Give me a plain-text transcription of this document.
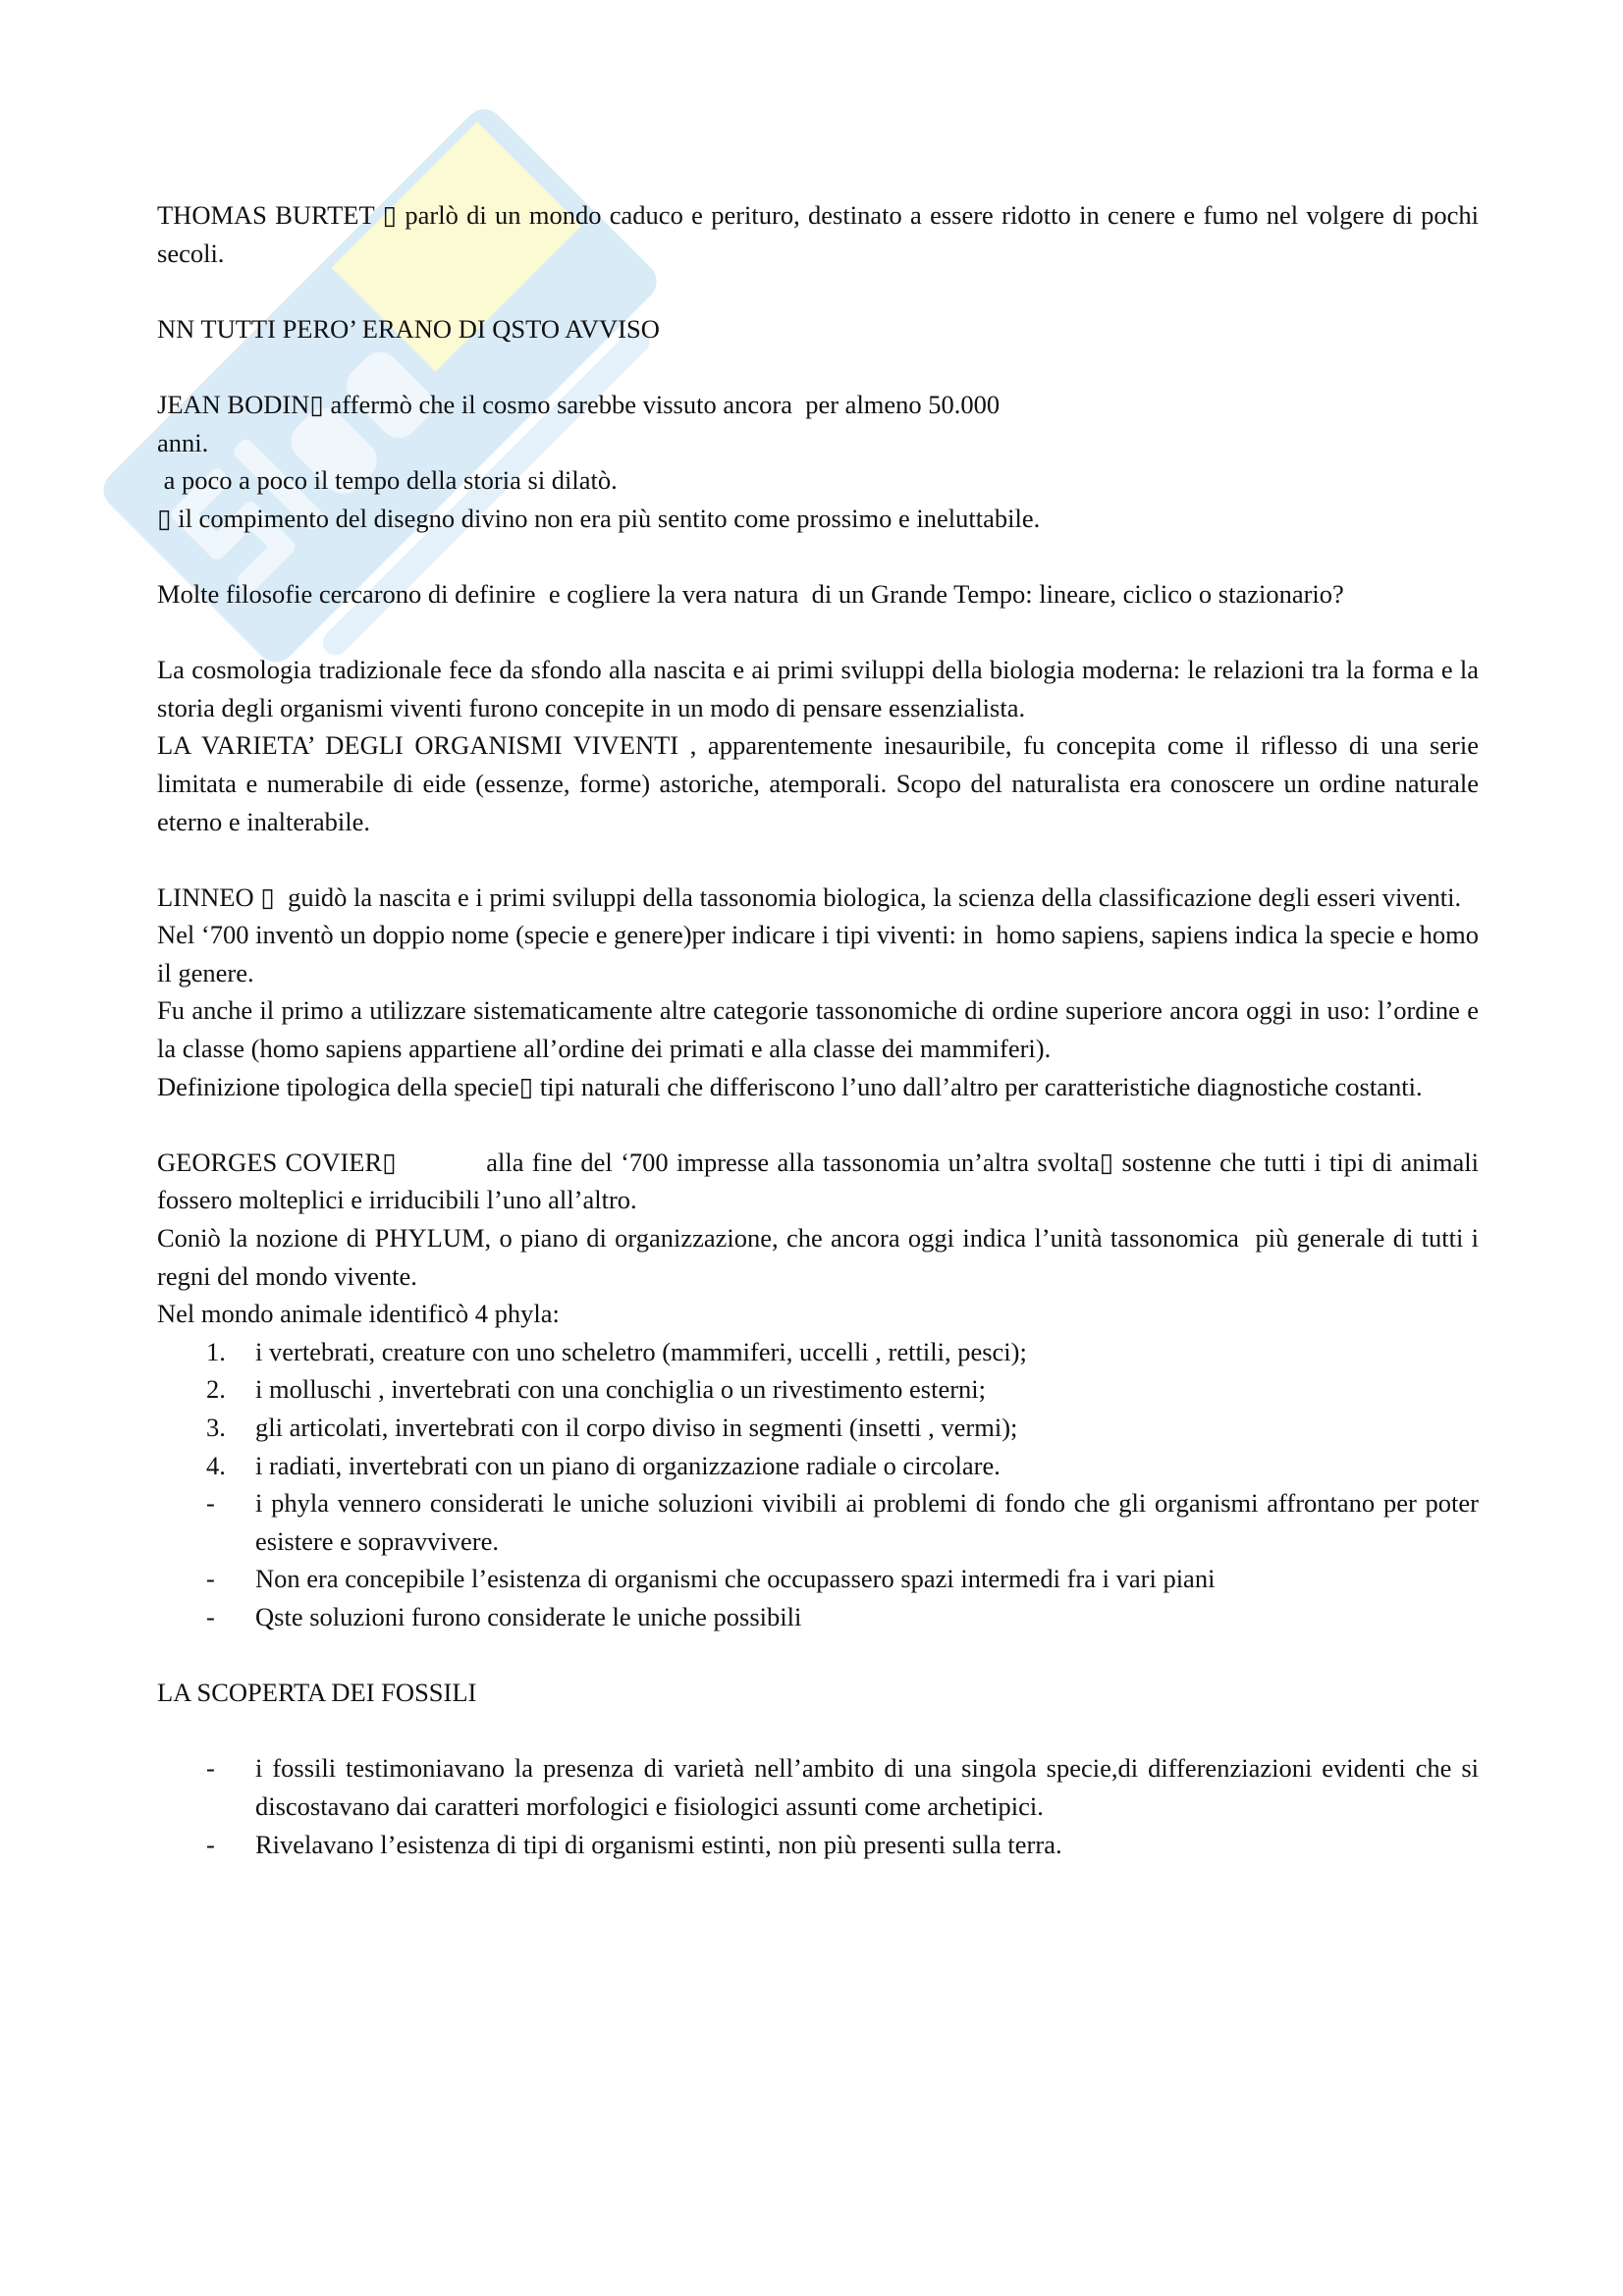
THOMAS BURTET ▯ parlò di un mondo caduco e perituro, destinato a essere ridotto in cenere e fumo nel volgere di pochi secoli.

NN TUTTI PERO’ ERANO DI QSTO AVVISO

JEAN BODIN▯ affermò che il cosmo sarebbe vissuto ancora  per almeno 50.000

anni.

a poco a poco il tempo della storia si dilatò.

▯ il compimento del disegno divino non era più sentito come prossimo e ineluttabile.

Molte filosofie cercarono di definire  e cogliere la vera natura  di un Grande Tempo: lineare, ciclico o stazionario?

La cosmologia tradizionale fece da sfondo alla nascita e ai primi sviluppi della biologia moderna: le relazioni tra la forma e la storia degli organismi viventi furono concepite in un modo di pensare essenzialista.

LA VARIETA’ DEGLI ORGANISMI VIVENTI , apparentemente inesauribile, fu concepita come il riflesso di una serie limitata e numerabile di eide (essenze, forme) astoriche, atemporali. Scopo del naturalista era conoscere un ordine naturale eterno e inalterabile.

LINNEO ▯  guidò la nascita e i primi sviluppi della tassonomia biologica, la scienza della classificazione degli esseri viventi.

Nel ‘700 inventò un doppio nome (specie e genere)per indicare i tipi viventi: in  homo sapiens, sapiens indica la specie e homo il genere.

Fu anche il primo a utilizzare sistematicamente altre categorie tassonomiche di ordine superiore ancora oggi in uso: l’ordine e la classe (homo sapiens appartiene all’ordine dei primati e alla classe dei mammiferi).

Definizione tipologica della specie▯ tipi naturali che differiscono l’uno dall’altro per caratteristiche diagnostiche costanti.

GEORGES COVIER▯           alla fine del ‘700 impresse alla tassonomia un’altra svolta▯ sostenne che tutti i tipi di animali  fossero molteplici e irriducibili l’uno all’altro.

Coniò la nozione di PHYLUM, o piano di organizzazione, che ancora oggi indica l’unità tassonomica  più generale di tutti i regni del mondo vivente.

Nel mondo animale identificò 4 phyla:

1.	i vertebrati, creature con uno scheletro (mammiferi, uccelli , rettili, pesci);
2.	i molluschi , invertebrati con una conchiglia o un rivestimento esterni;
3.	gli articolati, invertebrati con il corpo diviso in segmenti (insetti , vermi);
4.	i radiati, invertebrati con un piano di organizzazione radiale o circolare.
-	i phyla vennero considerati le uniche soluzioni vivibili ai problemi di fondo che gli organismi affrontano per poter esistere e sopravvivere.
-	Non era concepibile l’esistenza di organismi che occupassero spazi intermedi fra i vari piani
-	Qste soluzioni furono considerate le uniche possibili

LA SCOPERTA DEI FOSSILI

-	i fossili testimoniavano la presenza di varietà nell’ambito di una singola specie,di differenziazioni evidenti che si discostavano dai caratteri morfologici e fisiologici assunti come archetipici.
-	Rivelavano l’esistenza di tipi di organismi estinti, non più presenti sulla terra.
